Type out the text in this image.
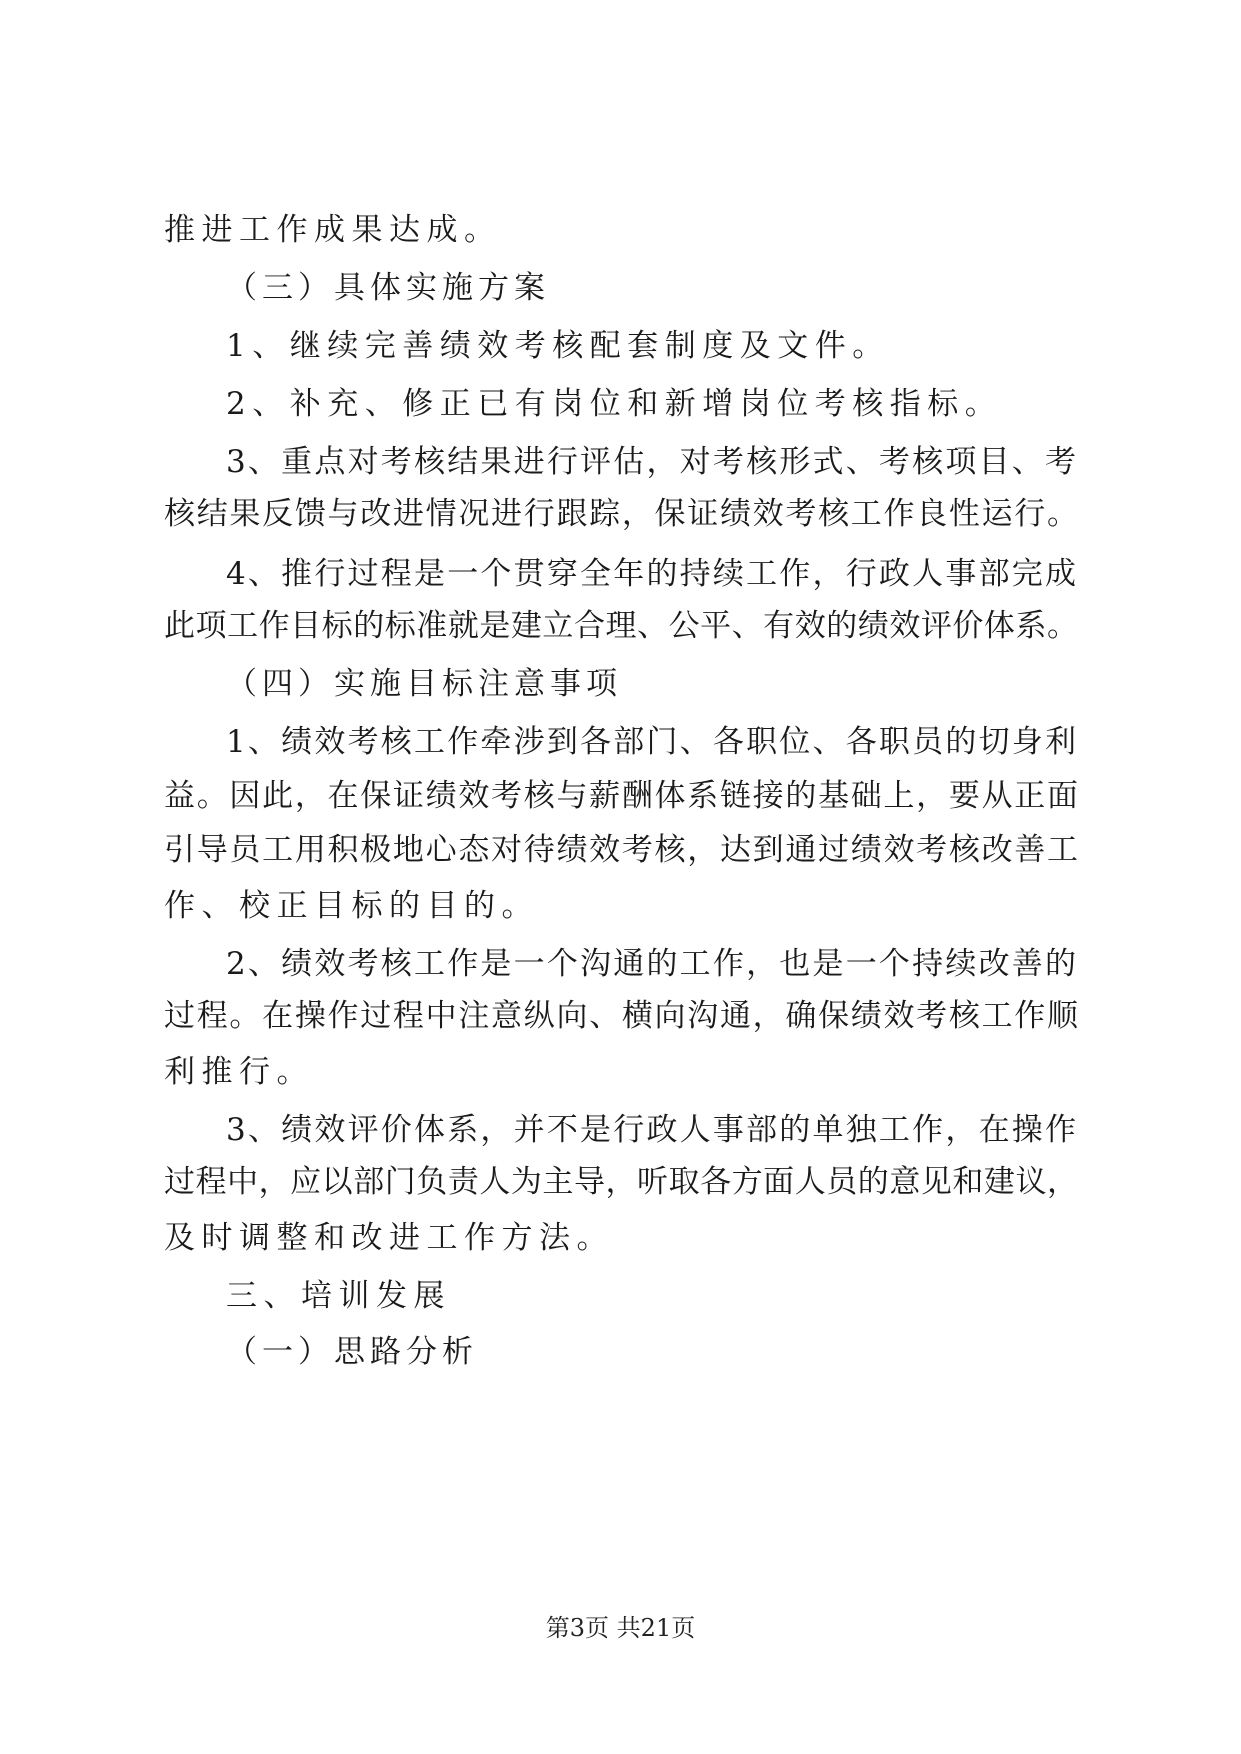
推进工作成果达成。
（三）具体实施方案
1、继续完善绩效考核配套制度及文件。
2、补充、修正已有岗位和新增岗位考核指标。
3、重点对考核结果进行评估，对考核形式、考核项目、考
核结果反馈与改进情况进行跟踪，保证绩效考核工作良性运行。
4、推行过程是一个贯穿全年的持续工作，行政人事部完成
此项工作目标的标准就是建立合理、公平、有效的绩效评价体系。
（四）实施目标注意事项
1、绩效考核工作牵涉到各部门、各职位、各职员的切身利
益。因此，在保证绩效考核与薪酬体系链接的基础上，要从正面
引导员工用积极地心态对待绩效考核，达到通过绩效考核改善工
作、校正目标的目的。
2、绩效考核工作是一个沟通的工作，也是一个持续改善的
过程。在操作过程中注意纵向、横向沟通，确保绩效考核工作顺
利推行。
3、绩效评价体系，并不是行政人事部的单独工作，在操作
过程中，应以部门负责人为主导，听取各方面人员的意见和建议，
及时调整和改进工作方法。
三、培训发展
（一）思路分析
第3页 共21页
